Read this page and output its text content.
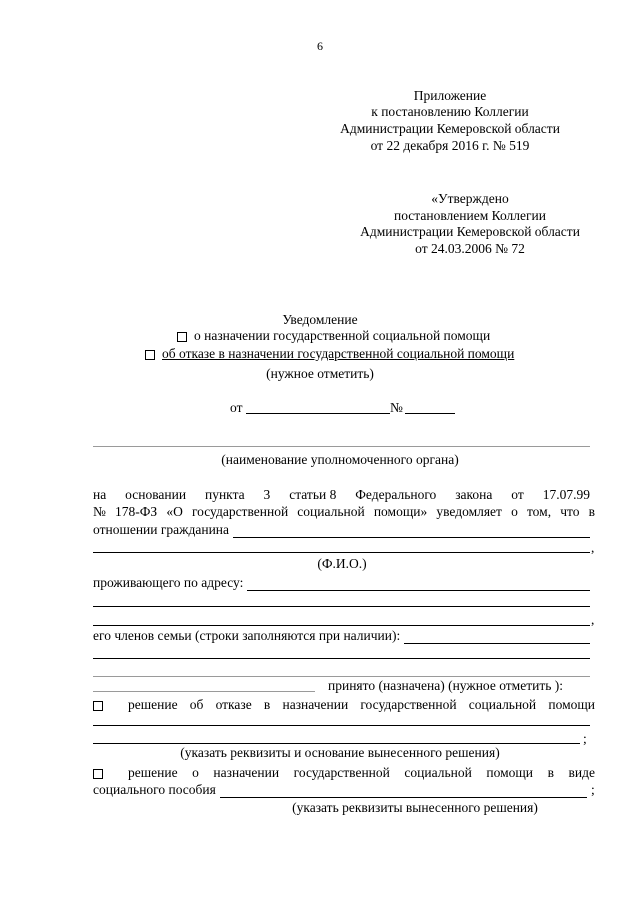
6
Приложение
к постановлению Коллегии
Администрации Кемеровской области
от 22 декабря 2016 г. № 519
«Утверждено
постановлением Коллегии
Администрации Кемеровской области
от 24.03.2006 № 72
Уведомление
о назначении государственной социальной помощи
об отказе в назначении государственной социальной помощи
(нужное отметить)
от	№
(наименование уполномоченного органа)
на основании пункта 3 статьи 8 Федерального закона от 17.07.99
№ 178-ФЗ «О государственной социальной помощи» уведомляет о том, что в
отношении гражданина
,
(Ф.И.О.)
проживающего по адресу:
,
его членов семьи (строки заполняются при наличии):
принято (назначена) (нужное отметить ):
решение об отказе в назначении государственной социальной помощи
;
(указать реквизиты и основание вынесенного решения)
решение о назначении государственной социальной помощи в виде
социального пособия	;
(указать реквизиты вынесенного решения)
